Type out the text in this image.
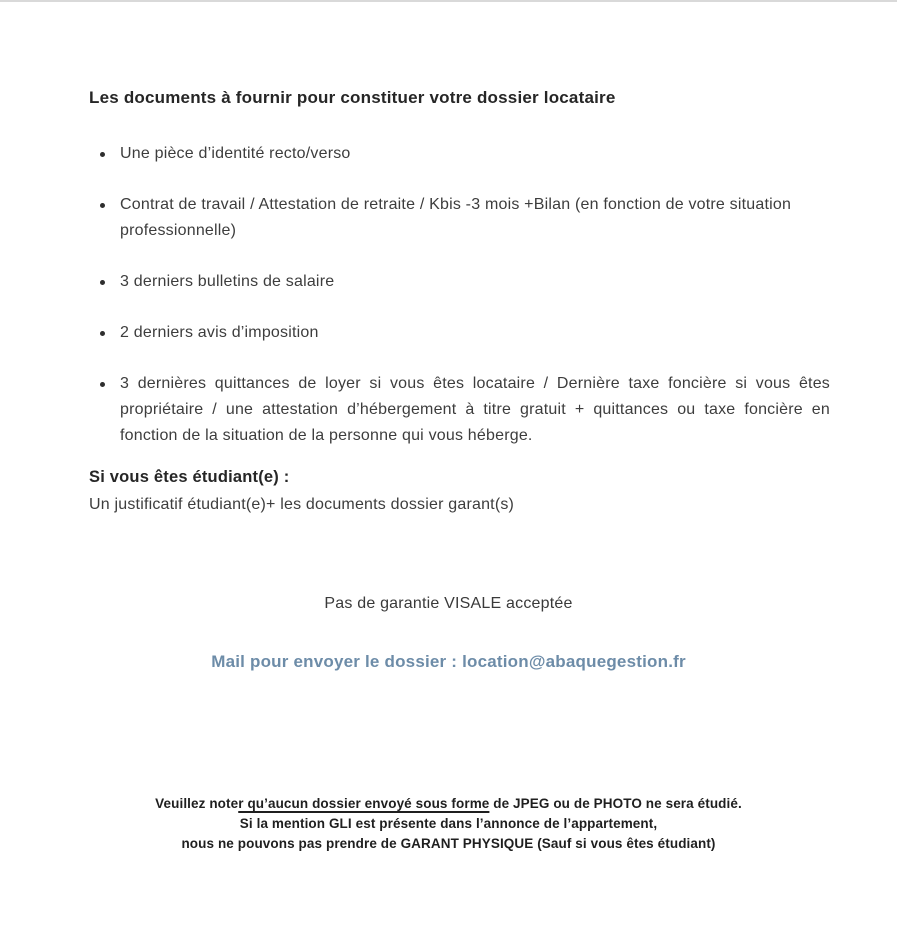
Les documents à fournir pour constituer votre dossier locataire
Une pièce d’identité recto/verso
Contrat de travail / Attestation de retraite / Kbis -3 mois +Bilan (en fonction de votre situation professionnelle)
3 derniers bulletins de salaire
2 derniers avis d’imposition
3 dernières quittances de loyer si vous êtes locataire / Dernière taxe foncière si vous êtes propriétaire / une attestation d’hébergement à titre gratuit + quittances ou taxe foncière en fonction de la situation de la personne qui vous héberge.
Si vous êtes étudiant(e) :

Un justificatif étudiant(e)+ les documents dossier garant(s)

Pas de garantie VISALE acceptée

Mail pour envoyer le dossier : location@abaquegestion.fr

Veuillez noter qu’aucun dossier envoyé sous forme de JPEG ou de PHOTO ne sera étudié.

Si la mention GLI est présente dans l’annonce de l’appartement,

nous ne pouvons pas prendre de GARANT PHYSIQUE (Sauf si vous êtes étudiant)
